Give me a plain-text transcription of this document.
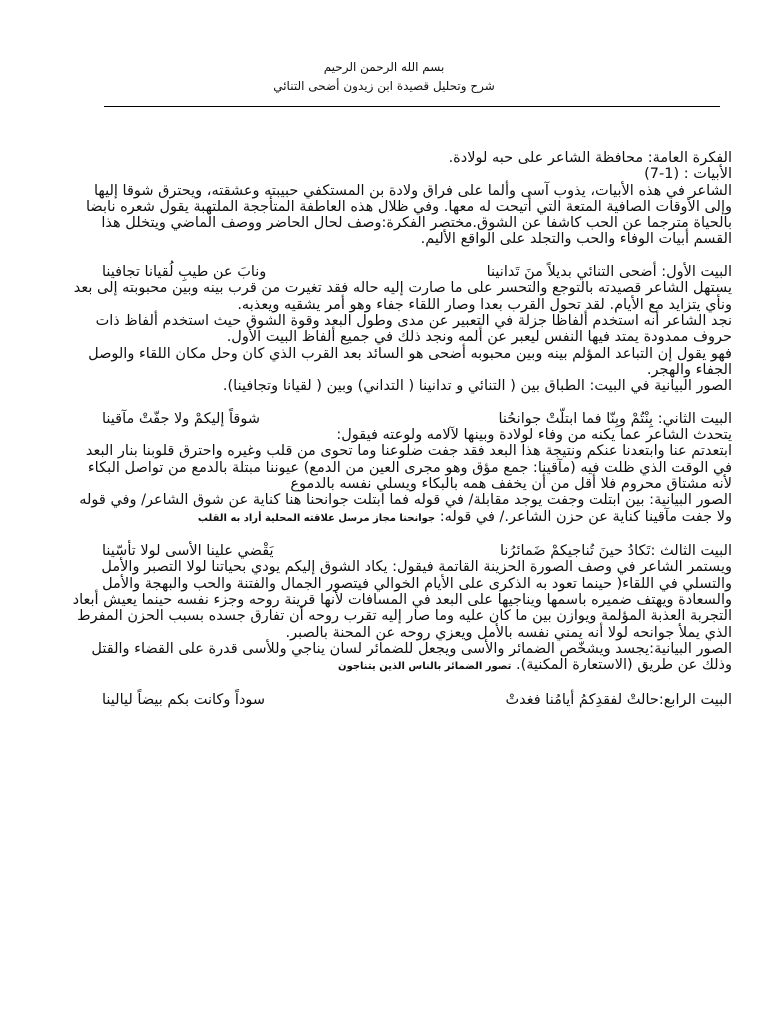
بسم الله الرحمن الرحيم
شرح وتحليل قصيدة ابن زيدون أضحى التنائي

الفكرة العامة: محافظة الشاعر على حبه لولادة.

الأبيات : (1-7)

الشاعر في هذه الأبيات، يذوب آسى وألما على فراق ولادة بن المستكفي حبيبته وعشقته، ويحترق شوقا إليها وإلى الأوقات الصافية المتعة التي أتيحت له معها. وفي ظلال هذه العاطفة المتأججة الملتهبة يقول شعره نابضا بالحياة مترجما عن الحب كاشفا عن الشوق.مختصر الفكرة:وصف لحال الحاضر ووصف الماضي ويتخلل هذا القسم أبيات الوفاء والحب والتجلد على الواقع الأليم.

البيت الأول: أضحى التنائي بديلاً منَ تَدانينا
ونابَ عن طيبِ لُقيانا تجافينا

يستهل الشاعر قصيدته بالتوجع والتحسر على ما صارت إليه حاله فقد تغيرت من قرب بينه وبين محبوبته إلى بعد ونأي يتزايد مع الأيام. لقد تحول القرب بعدا وصار اللقاء جفاء وهو أمر يشقيه ويعذبه.

نجد الشاعر أنه استخدم ألفاظا جزلة في التعبير عن مدى وطول البعد وقوة الشوق حيث استخدم ألفاظ ذات حروف ممدودة يمتد فيها النفس ليعبر عن ألمه ونجد ذلك في جميع ألفاظ البيت الأول.

فهو يقول إن التباعد المؤلم بينه وبين محبوبه أضحى هو السائد بعد القرب الذي كان وحل مكان اللقاء والوصل الجفاء والهجر.

الصور البيانية في البيت: الطباق بين ( التنائي و تدانينا ( التداني) وبين ( لقيانا وتجافينا).

البيت الثاني: بِنْتُمْ وبِنّا فما ابتلّتْ جوانحُنا
شوقاً إليكمْ ولا جفّتْ مآقينا

يتحدث الشاعر عما يكنه من وفاء لولادة وبينها لآلامه ولوعته فيقول:

ابتعدتم عنا وابتعدنا عنكم ونتيجة هذا البعد فقد جفت ضلوعنا وما تحوى من قلب وغيره واحترق قلوبنا بنار البعد في الوقت الذي ظلت فيه (مآقينا: جمع مؤق وهو مجرى العين من الدمع) عيوننا مبتلة بالدمع من تواصل البكاء لأنه مشتاق محروم فلا أقل من أن يخفف همه بالبكاء ويسلي نفسه بالدموع

الصور البيانية: بين ابتلت وجفت يوجد مقابلة/ في قوله فما ابتلت جوانحنا هنا كناية عن شوق الشاعر/ وفي قوله ولا جفت مآقينا كناية عن حزن الشاعر./ في قوله: جوانحنا مجاز مرسل علاقته المحلية أراد به القلب

البيت الثالث :تَكادُ حينَ تُناجيكمْ ضَمائرُنا
يَقْضي علينا الأسى لولا تأسّينا

ويستمر الشاعر في وصف الصورة الحزينة القاتمة فيقول: يكاد الشوق إليكم يودي بحياتنا لولا التصبر والأمل والتسلي في اللقاء( حينما تعود به الذكرى على الأيام الخوالي فيتصور الجمال والفتنة والحب والبهجة والأمل والسعادة ويهتف ضميره باسمها ويناجيها على البعد في المسافات لأنها قرينة روحه وجزء نفسه حينما يعيش أبعاد التجربة العذبة المؤلمة ويوازن بين ما كان عليه وما صار إليه تقرب روحه أن تفارق جسده بسبب الحزن المفرط الذي يملأ جوانحه لولا أنه يمني نفسه بالأمل ويعزي روحه عن المحنة بالصبر.

الصور البيانية:يجسد ويشخّص الضمائر والأسى ويجعل للضمائر لسان يناجي وللأسى قدرة على القضاء والقتل وذلك عن طريق (الاستعارة المكنية). تصور الضمائر بالناس الذين يتناجون

البيت الرابع:حالتْ لفقدِكمُ أيامُنا فغدتْ
سوداً وكانت بكم بيضاً ليالينا
